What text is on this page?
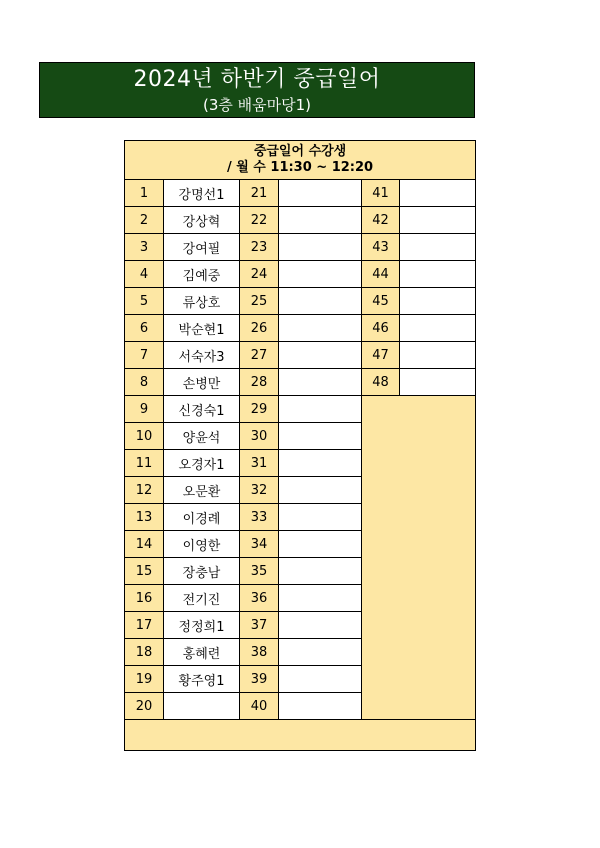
2024년 하반기 중급일어
(3층 배움마당1)
중급일어 수강생
/ 월 수 11:30 ~ 12:20					

1	강명선1	21		41	
2	강상혁	22		42	
3	강여필	23		43	
4	김예중	24		44	
5	류상호	25		45	
6	박순현1	26		46	
7	서숙자3	27		47	
8	손병만	28		48	
9	신경숙1	29			
10	양윤석	30			
11	오경자1	31			
12	오문환	32			
13	이경례	33			
14	이영한	34			
15	장충남	35			
16	전기진	36			
17	정정희1	37			
18	홍혜련	38			
19	황주영1	39			
20		40			
